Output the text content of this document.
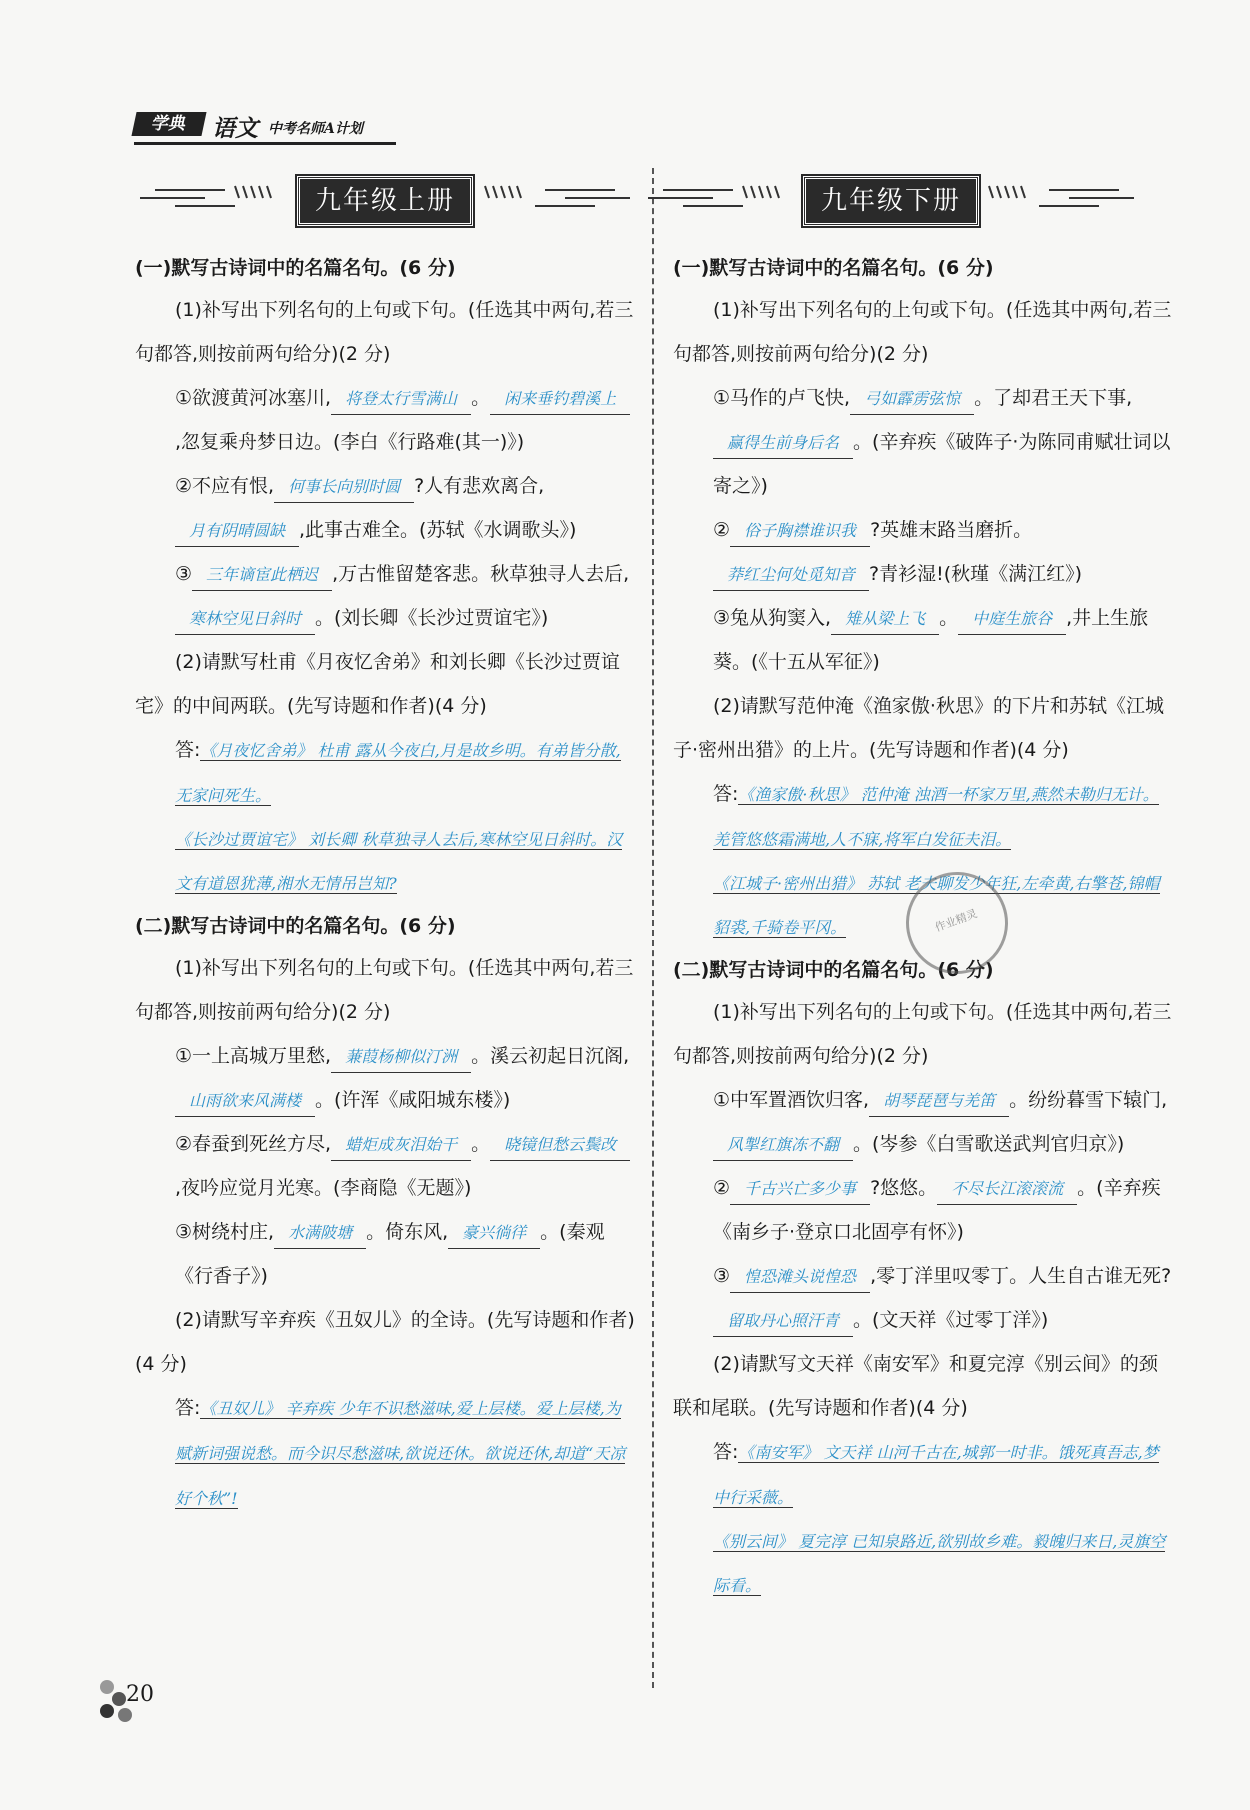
学典	语文 中考名师A计划
九年级上册

(一)默写古诗词中的名篇名句。(6 分)

(1)补写出下列名句的上句或下句。(任选其中两句,若三句都答,则按前两句给分)(2 分)

①欲渡黄河冰塞川, 将登太行雪满山 。 闲来垂钓碧溪上,忽复乘舟梦日边。(李白《行路难(其一)》)

②不应有恨, 何事长向别时圆 ?人有悲欢离合,月有阴晴圆缺 ,此事古难全。(苏轼《水调歌头》)

③ 三年谪宦此栖迟 ,万古惟留楚客悲。秋草独寻人去后,寒林空见日斜时 。(刘长卿《长沙过贾谊宅》)

(2)请默写杜甫《月夜忆舍弟》和刘长卿《长沙过贾谊宅》的中间两联。(先写诗题和作者)(4 分)

答:《月夜忆舍弟》 杜甫 露从今夜白,月是故乡明。有弟皆分散,无家问死生。

《长沙过贾谊宅》 刘长卿 秋草独寻人去后,寒林空见日斜时。汉文有道恩犹薄,湘水无情吊岂知?

(二)默写古诗词中的名篇名句。(6 分)

(1)补写出下列名句的上句或下句。(任选其中两句,若三句都答,则按前两句给分)(2 分)

①一上高城万里愁, 蒹葭杨柳似汀洲 。溪云初起日沉阁,山雨欲来风满楼 。(许浑《咸阳城东楼》)

②春蚕到死丝方尽, 蜡炬成灰泪始干 。 晓镜但愁云鬓改,夜吟应觉月光寒。(李商隐《无题》)

③树绕村庄, 水满陂塘 。倚东风, 豪兴徜徉 。(秦观《行香子》)

(2)请默写辛弃疾《丑奴儿》的全诗。(先写诗题和作者)(4 分)

答:《丑奴儿》 辛弃疾 少年不识愁滋味,爱上层楼。爱上层楼,为赋新词强说愁。而今识尽愁滋味,欲说还休。欲说还休,却道“天凉好个秋”!

九年级下册

(一)默写古诗词中的名篇名句。(6 分)

(1)补写出下列名句的上句或下句。(任选其中两句,若三句都答,则按前两句给分)(2 分)

①马作的卢飞快, 弓如霹雳弦惊 。了却君王天下事,赢得生前身后名 。(辛弃疾《破阵子·为陈同甫赋壮词以寄之》)

② 俗子胸襟谁识我 ?英雄末路当磨折。莽红尘何处觅知音 ?青衫湿!(秋瑾《满江红》)

③兔从狗窦入, 雉从梁上飞 。 中庭生旅谷 ,井上生旅葵。(《十五从军征》)

(2)请默写范仲淹《渔家傲·秋思》的下片和苏轼《江城子·密州出猎》的上片。(先写诗题和作者)(4 分)

答:《渔家傲·秋思》 范仲淹 浊酒一杯家万里,燕然未勒归无计。羌管悠悠霜满地,人不寐,将军白发征夫泪。

《江城子·密州出猎》 苏轼 老夫聊发少年狂,左牵黄,右擎苍,锦帽貂裘,千骑卷平冈。

(二)默写古诗词中的名篇名句。(6 分)

(1)补写出下列名句的上句或下句。(任选其中两句,若三句都答,则按前两句给分)(2 分)

①中军置酒饮归客, 胡琴琵琶与羌笛 。纷纷暮雪下辕门,风掣红旗冻不翻 。(岑参《白雪歌送武判官归京》)

② 千古兴亡多少事 ?悠悠。 不尽长江滚滚流 。(辛弃疾《南乡子·登京口北固亭有怀》)

③ 惶恐滩头说惶恐 ,零丁洋里叹零丁。人生自古谁无死?留取丹心照汗青 。(文天祥《过零丁洋》)

(2)请默写文天祥《南安军》和夏完淳《别云间》的颈联和尾联。(先写诗题和作者)(4 分)

答:《南安军》 文天祥 山河千古在,城郭一时非。饿死真吾志,梦中行采薇。

《别云间》 夏完淳 已知泉路近,欲别故乡难。毅魄归来日,灵旗空际看。

作业精灵
20
